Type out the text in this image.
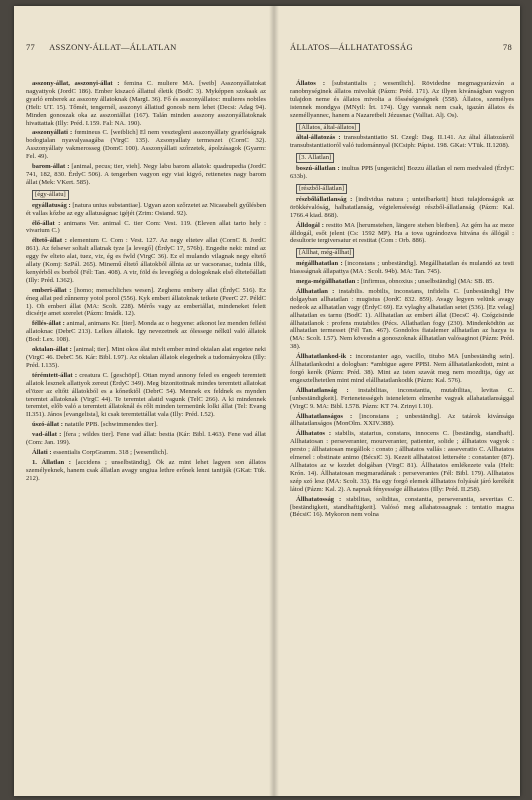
77 ASSZONY-ÁLLAT—ÁLLATLAN	ÁLLATOS—ÁLLHATATOSSÁG	78
asszony-állat, asszonyi-állat : femina C. muliere MA. [weib] Asszonyállatokat nagyattyok (JordC 186). Ember kiszacó állattul életik (BodC 3). Myképpen szokaak az gyarló emberek az asszony állatoknak (MargL 36). Fő és asszonyállatoc: mulieres nobiles (Helt: UT. 15). Tőmét, tengernél, asszonyi állatiuđ gonosb nem lehet (Decsi: Adag 94). Minden gonoszak oka az asszoniállat (167). Talán minden asszony asszonyállatoknak hivattattak (Illy: Préd. I.159. Fal: NA. 190).
asszonyállati : fœmineus C. [weiblich] El nem vesztegleni asszonyállaty gyarlóságnak bodogtalan nyavalyasagába (VirgC 135). Azsonyallaty termeszet (CornC 32). Asszonyállaty vakmerosseg (DomC 100). Asszonyállati szőrzetek, ápolzásagok (Gyarm: Fel. 49).
barom-állat : [animal, pecus; tier, vieh]. Negy labu barom allatok: quadrupedia (JordC 741, 182, 830. ÉrdyC 506). A tengerben vagyon egy viai kigyó, rettenetes nagy barom állat (Mek: VKert. 585).
[égy-állatu]
egyállatuság : [natura unius substantiae]. Ugyan azon szőrzetet az Nicaeabeli gyűlésben ét vallas kőzbe az egy allatuságnac igéjét (Zrim: Osiand. 92).
élő-állat : animans Ver. animal C. tier Com: Vest. 119. (Eleven allat tarto hely : vivarium C.)
éltető-állat : elementum C. Com : Vest. 127. Az negy eltetev allat (CornC 8. JordC 861). Az felsewr soltalt allatnak tyze [a levegő] (ÉrdyC 17, 576b). Engedte neki: mind az eggy fw elteto alat, tuez, viz, ég es fwld (VirgC 36). Ez el mulando vilagnak negy eltető allaty (Komj: SzPál. 265). Minemű éltető állatokból állnia az ur vacsoranac, tudnia illik, kenyérből es borból (Fél: Tan. 408). A vir, föld és levegőég a dologoknak első élteteőállati (Illy: Préd. I.362).
emberi-állat : [homo; menschliches wesen]. Zeghenu embery allat (ÉrdyC 516). Ez éneg allat ped zűnnemy yotol porol (556). Kyk emberi állatoknak tetkete (PeerC 27. PéldC 1). Oh emberi állat (MA: Scolt. 228). Mérős vagy az emberiállat, mindeneket felett dicsérje amet szerelet (Pázm: Imádk. 12).
féllés-állat : animal, animans Kr. [tier]. Monda az o hegyene: atkonot lez menden fellési allatoknac (DebrC 213). Lelkes állatok. Igy nevezetnek az ólessege nélkül való állatok (Bod: Lex. 108).
oktalan-állat : [animal; tier]. Mint okos álat mivlt ember mind oktalan alat engetee neki (VirgC 46. DebrC 56. Kár: Bibl. I.97). Az oktalan állatok elegednek a tudományokra (Illy: Préd. I.135).
térémtett-állat : creatura C. [geschöpf]. Ottan mynd annony feled es engeeb teremtett allatok lesznek allattyok zereut (ÉrdyC 349). Meg bizonitottnak mindes teremtett allatokat el'özer az eltőtt állatokból es a kőnetktől (DebrC 54). Mennek ex feldnek es mynden teremtet allatoknak (VirgC 44). Te teremtet alatid vagunk (TelC 266). A ki mindennek teremtet, előb való a teremtett állatoknál és rőlt minden termenünk lolki állat (Tel: Evang II.351). János [evangelista], ki csak teremtettállat vala (Illy: Préd. I.52).
úszó-állat : natatile PPB. [schwimmendes tier].
vad-állat : [fera ; wildes tier]. Fene vad állat: bestia (Kár: Bibl. I.463). Fene vad állat (Com: Jan. 199).
Állati : essentialis CorpGramm. 318 ; [wesentlich].
1. Állatlan : [accidens ; unselbständig]. Ök az mint lehet lagyen son állatos személyeknek, hanem csak állatlan avagy ungiua lethre erőnek lenni tanitják (GKat: Tük. 212).
Állatos : [substantialis ; wesentlich]. Rövidedne megmagyarázván a ranobnységinek állatos mivoltát (Pázm: Préd. 171). Az illyen kivánságban vagyon tulajdon neme és állatos mivolta a fősséségeségnek (558). Állatos, személyes istennek mondgya (MNyil: Írt. 174). Úgy vannak nem csak, igazán állatos és személlyannec, hanem a Nazaretbeli Jézusnac (Valliat. Alj. Os).
[Állatos, által-állatos]
által-állatozás : transubstantiatio SI. Czegl: Dag. II.141. Az által állatozásról transubstantiatioról való tudománnyal (KCsiph: Pápist. 198. GKat: VTük. II.1208).
[3. Állatlan]
boszú-állatlan : inultus PPB [ungerächt] Bozzu állatlan el nem medvaled (ÉrdyC 633b).
[részből-állatlan]
részbőlállatlanság : [individua natura ; unteilbarkeit] hiszi tulajdonságok az örökkévalóság, halhatatlanság, végtelenséeségi részből-állatlanság (Pázm: Kal. 1766.4 kiad. 868).
Álldogál : restito MA [herumstehen, längere stehen bleiben]. Az gém ha az meze álldogál, esőt jelent (Cs: 1592 MP). Ha a tova ugrándozva hitvána és állógál : desultorie tergiversatur et restitat (Com : Orb. 886).
[Állhat, még-állhat]
mégállhatatlan : [inconstans ; unbeständig]. Megállhatatlan és mulandó az testi hiassságnak állapattya (MA : Scolt. 94b). MA: Tan. 745).
mega-mégállhatatlan : [infirmus, obnoxius ; unselbständig] (MA: SB. 85.
Állhatatlan : instabilis. mobilis, inconstans, infidelis C. [unbeständig] Hw dolgayban allhatatlan : mugistus (JordC 832. 859). Avagy legyen velünk avagy nedeok az allhatatlan vagy (ÉrdyC 69). Ez vylaghy alhatatlan setet (536). [Ez velag] allhatatlan es tarnu (BodC 1). Allhatatlan az emberi állat (DecsC 4). Czégzisinde állhatatlanok : profens mutabiles (Pécs. Allathatlan fogy (230). Mindenködtön az allhatatlan termesset (Fél Tan. 467). Gondolos fiatalemer allhatatlan az hazya is (MA: Scolt. I.57). Nem kövesdn a gonoszoknak állhatatlan valósaginot (Pázm: Préd. 38).
Állhatatlankod-ik : inconstanter ago, vacillo, titubo MA [unbeständig sein]. Állhatatlankodni a dologban: *ambigue agere PPBI. Nem állhatatlankodott, mint a forgó kerék (Pázm: Préd. 38). Mint az isten szavát meg nem mozditja, úgy az engesztelhetetlen mint mind elállhatatlankodik (Pázm: Kal. 576).
Állhatatlanság : instabilitas, inconstantia, mutabilitas, levitas C. [unbeständigkeit]. Fertenetességeh isteneletem elmenhe vagyak allahatatlansággal (VirgC 9. MA: Bibl. I.578. Pázm: KT 74. Zrinyi I.10).
Állhatatlanságos : [inconstans ; unbeständig]. Az tatárok kivánsága állhatatlanságos (MonOlm. XXIV.388).
Állhatatos : stabilis, statarius, constans, innocens C. [beständig, standhaft]. Allhatatosan : perseveranter, mourveranter, patienter, solide ; állhatatos vagyok : persto ; állhatatosan megállok : consto ; állhatatos vallás : asseveratio C. Allhatatos elmenel : obstinate animo (BécsiC 3). Kezeit allhatatost letterséte : constanter (87). Allhatatos az w kezdet dolgában (VirgC 81). Állhatatos emlékezete vala (Helt: Krón. 14). Állhatatosan megmaradának : perseverantes (Fél: Bibl. 179). Allhatatos szép szó lesz (MA: Scolt. 33). Ha egy forgó elemek állhatatos folyását járó kerékéit látod (Pázm: Kal. 2). A napnak fényessége állhatatos (Illy: Préd. II.258).
Állhatatosság : stabilitas, soliditas, constantia, perseverantia, severitas C. [beständigkeit, standhaftigkeit]. Valósó meg allahatossagnak : tentatio magna (BécsiC 16). Mykoron nem volna
